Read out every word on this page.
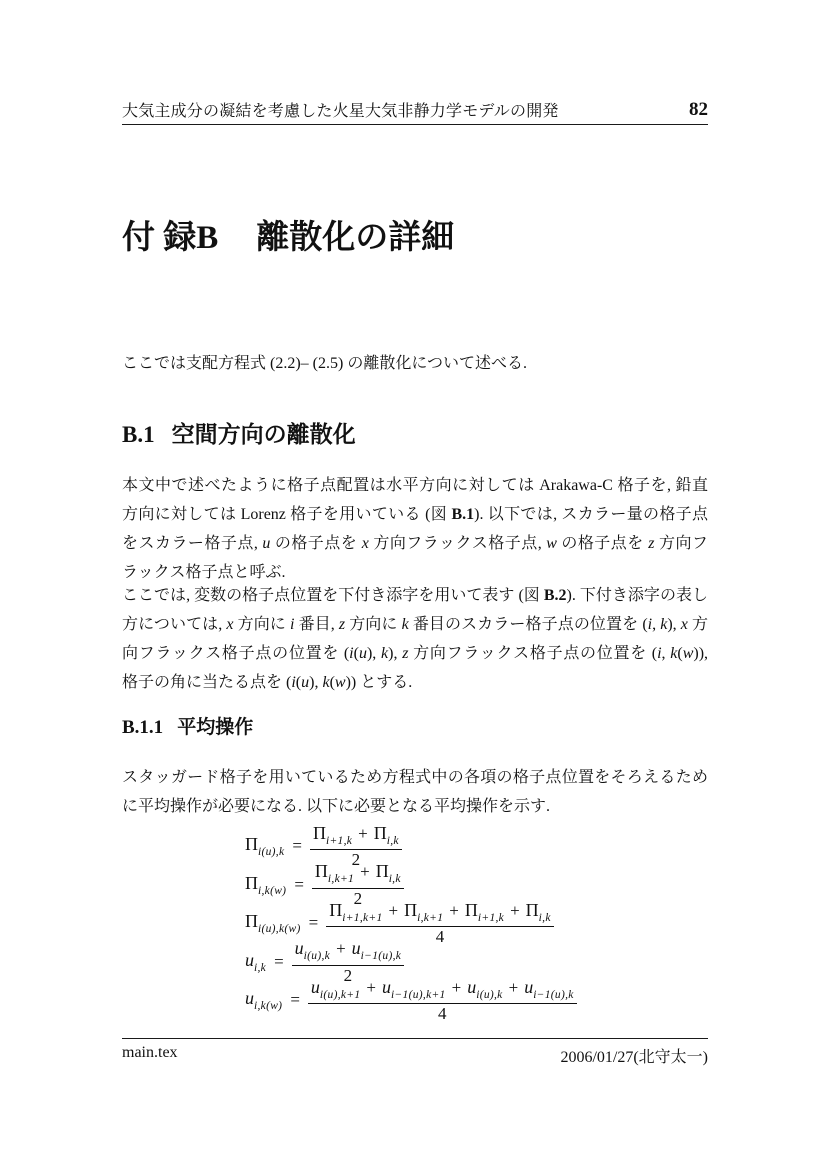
大気主成分の凝結を考慮した火星大気非静力学モデルの開発	82
付 録B 離散化の詳細

ここでは支配方程式 (2.2)– (2.5) の離散化について述べる.

B.1 空間方向の離散化
本文中で述べたように格子点配置は水平方向に対しては Arakawa-C 格子を, 鉛直
方向に対しては Lorenz 格子を用いている (図 B.1). 以下では, スカラー量の格子点
をスカラー格子点, u の格子点を x 方向フラックス格子点, w の格子点を z 方向フ
ラックス格子点と呼ぶ.
ここでは, 変数の格子点位置を下付き添字を用いて表す (図 B.2). 下付き添字の表し
方については, x 方向に i 番目, z 方向に k 番目のスカラー格子点の位置を (i, k), x 方
向フラックス格子点の位置を (i(u), k), z 方向フラックス格子点の位置を (i, k(w)),
格子の角に当たる点を (i(u), k(w)) とする.
B.1.1 平均操作
スタッガード格子を用いているため方程式中の各項の格子点位置をそろえるため
に平均操作が必要になる. 以下に必要となる平均操作を示す.
$\Pi_{i(u),k} = \frac{\Pi_{i+1,k} + \Pi_{i,k}}{2}$
$\Pi_{i,k(w)} = \frac{\Pi_{i,k+1} + \Pi_{i,k}}{2}$
$\Pi_{i(u),k(w)} = \frac{\Pi_{i+1,k+1} + \Pi_{i,k+1} + \Pi_{i+1,k} + \Pi_{i,k}}{4}$
$u_{i,k} = \frac{u_{i(u),k} + u_{i-1(u),k}}{2}$
$u_{i,k(w)} = \frac{u_{i(u),k+1} + u_{i-1(u),k+1} + u_{i(u),k} + u_{i-1(u),k}}{4}$
main.tex	2006/01/27(北守太一)
